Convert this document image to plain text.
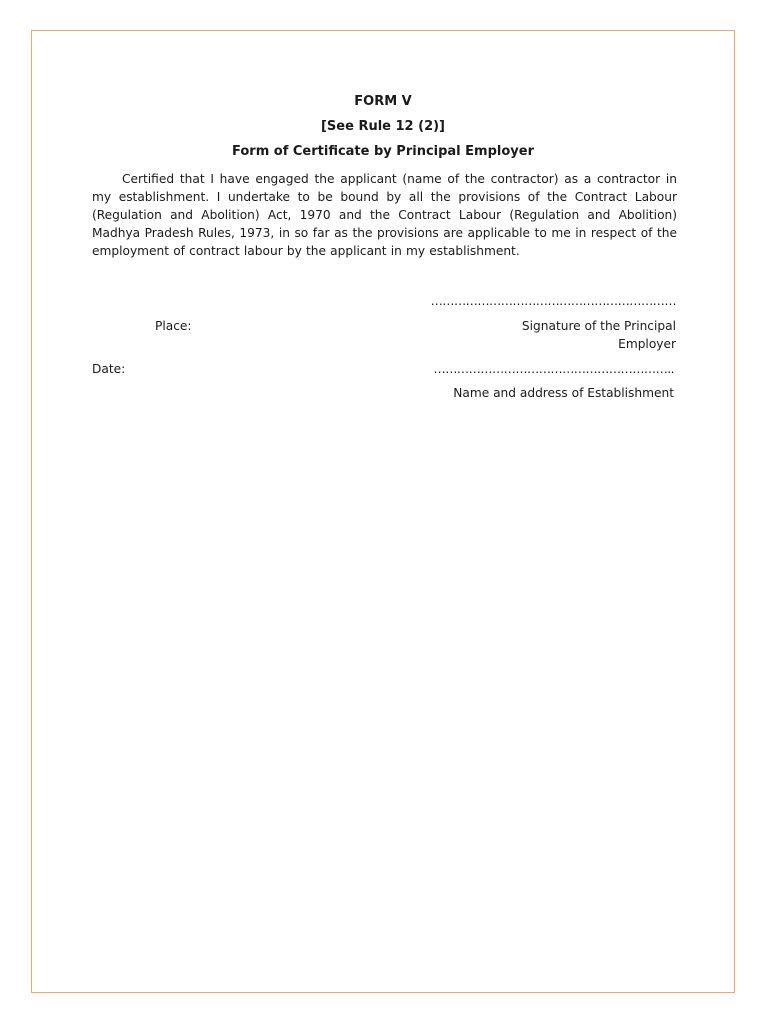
FORM V

[See Rule 12 (2)]

Form of Certificate by Principal Employer

Certified that I have engaged the applicant (name of the contractor) as a contractor in my establishment. I undertake to be bound by all the provisions of the Contract Labour (Regulation and Abolition) Act, 1970 and the Contract Labour (Regulation and Abolition) Madhya Pradesh Rules, 1973, in so far as the provisions are applicable to me in respect of the employment of contract labour by the applicant in my establishment.

………………………………………………………

Place:	Signature of the Principal Employer

Date:	……………………………………………………..

Name and address of Establishment
